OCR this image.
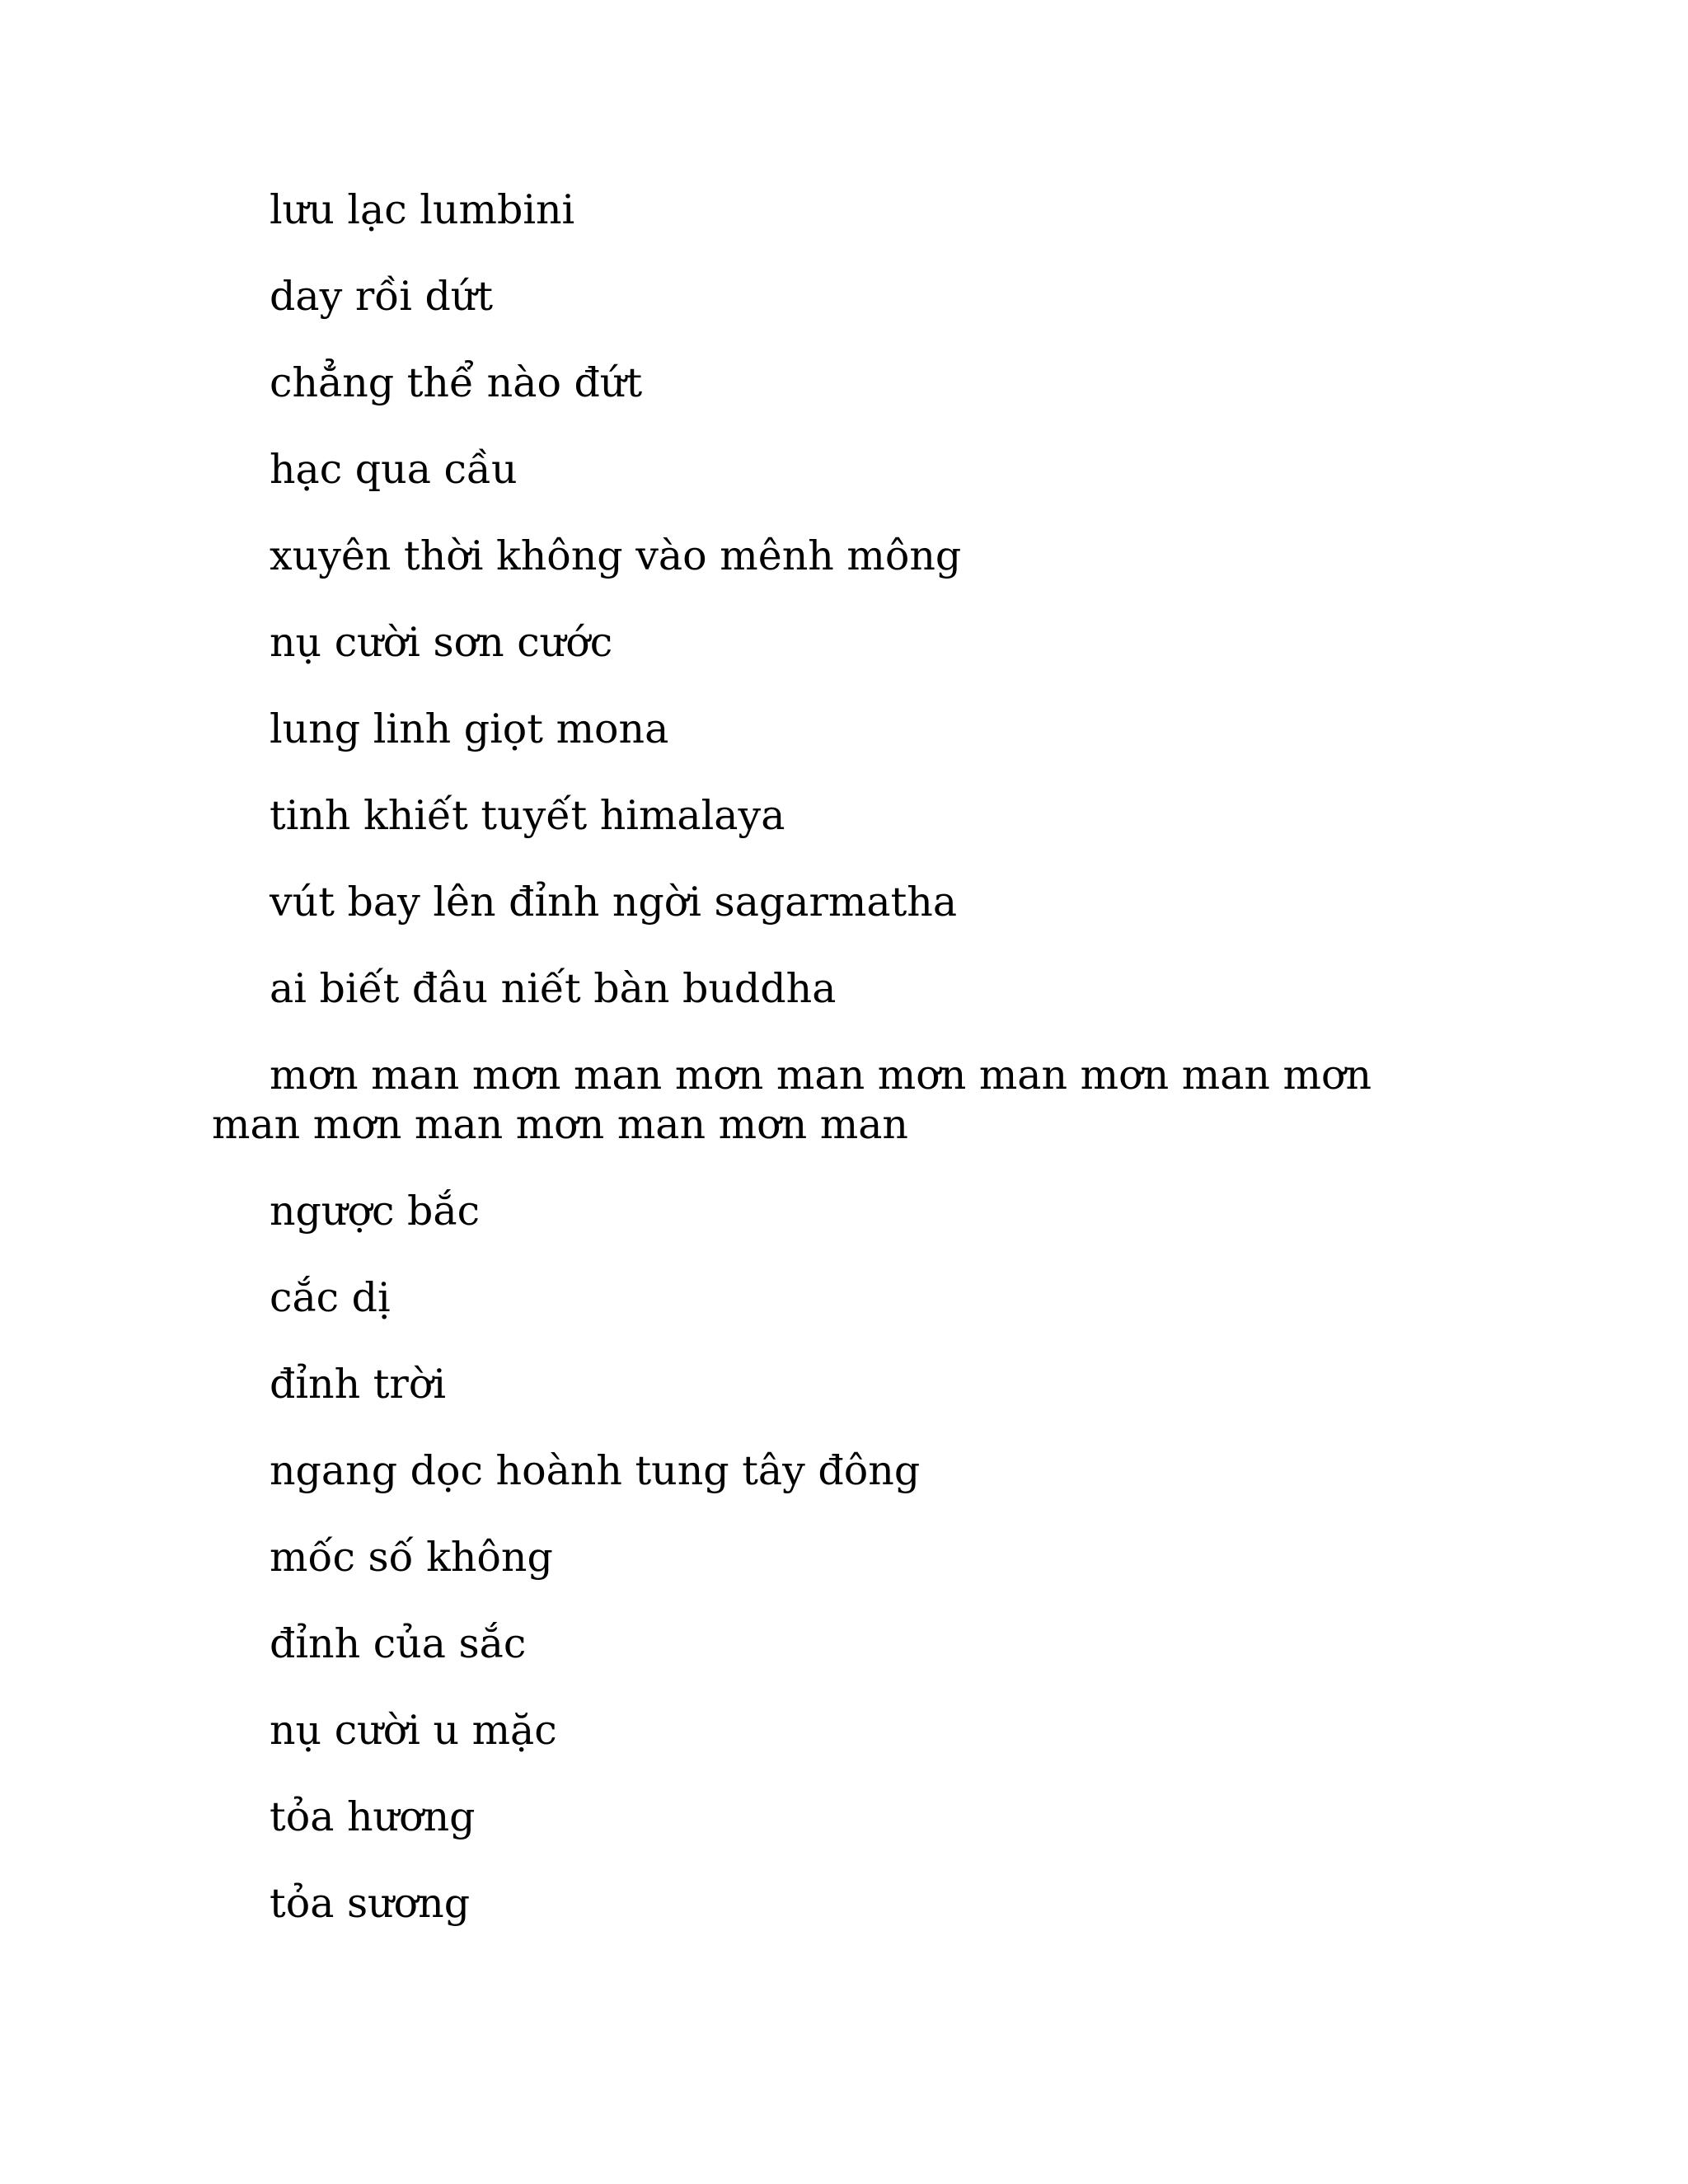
lưu lạc lumbini

day rồi dứt

chẳng thể nào đứt

hạc qua cầu

xuyên thời không vào mênh mông

nụ cười sơn cước

lung linh giọt mona

tinh khiết tuyết himalaya

vút bay lên đỉnh ngời sagarmatha

ai biết đâu niết bàn buddha

mơn man mơn man mơn man mơn man mơn man mơn man mơn man mơn man mơn man

ngược bắc

cắc dị

đỉnh trời

ngang dọc hoành tung tây đông

mốc số không

đỉnh của sắc

nụ cười u mặc

tỏa hương

tỏa sương
